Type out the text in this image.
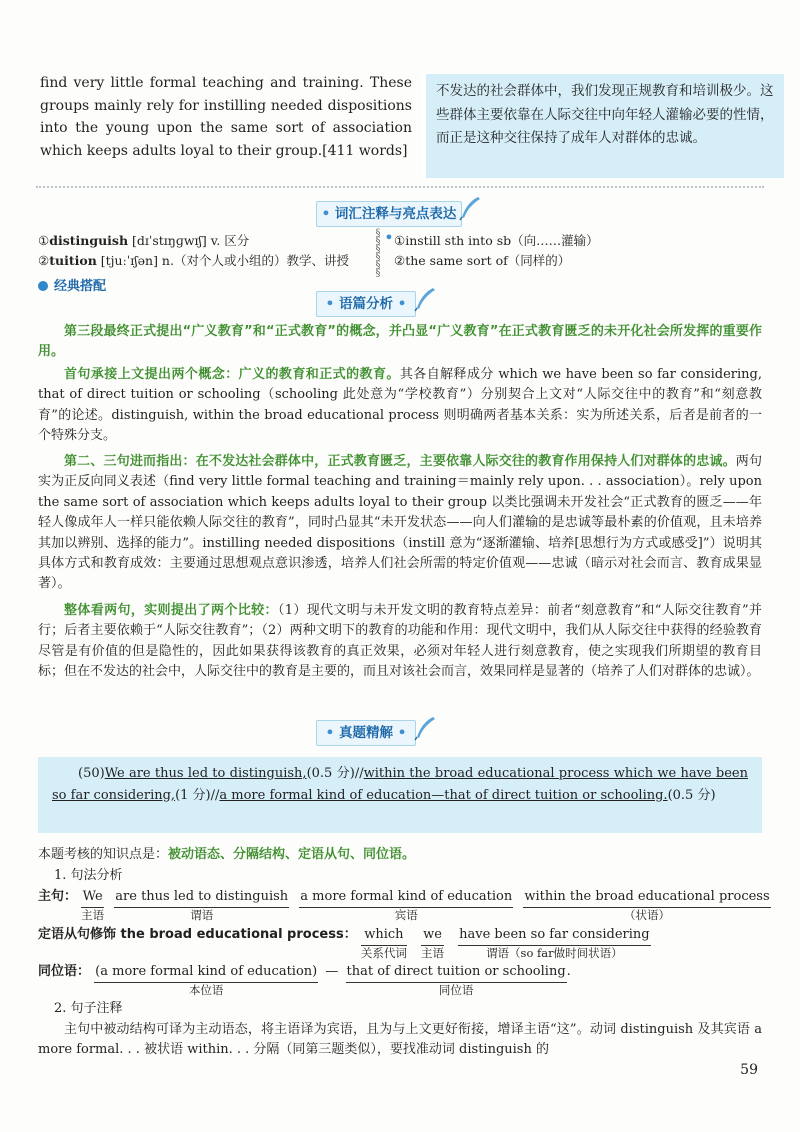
find very little formal teaching and training. These groups mainly rely for instilling needed dispositions into the young upon the same sort of association which keeps adults loyal to their group.[411 words]
不发达的社会群体中，我们发现正规教育和培训极少。这些群体主要依靠在人际交往中向年轻人灌输必要的性情，而正是这种交往保持了成年人对群体的忠诚。
• 词汇注释与亮点表达 •
①distinguish [dɪˈstɪŋɡwɪʃ] v. 区分
②tuition [tjuːˈɪʃən] n.（对个人或小组的）教学、讲授
§
§
§
§
§
§
①instill sth into sb（向……灌输）
②the same sort of（同样的）
经典搭配
• 语篇分析 •
第三段最终正式提出“广义教育”和“正式教育”的概念，并凸显“广义教育”在正式教育匮乏的未开化社会所发挥的重要作用。
首句承接上文提出两个概念：广义的教育和正式的教育。其各自解释成分 which we have been so far considering, that of direct tuition or schooling（schooling 此处意为“学校教育”）分别契合上文对“人际交往中的教育”和“刻意教育”的论述。distinguish, within the broad educational process 则明确两者基本关系：实为所述关系，后者是前者的一个特殊分支。
第二、三句进而指出：在不发达社会群体中，正式教育匮乏，主要依靠人际交往的教育作用保持人们对群体的忠诚。两句实为正反向同义表述（find very little formal teaching and training＝mainly rely upon. . . association）。rely upon the same sort of association which keeps adults loyal to their group 以类比强调未开发社会“正式教育的匮乏——年轻人像成年人一样只能依赖人际交往的教育”，同时凸显其“未开发状态——向人们灌输的是忠诚等最朴素的价值观，且未培养其加以辨别、选择的能力”。instilling needed dispositions（instill 意为“逐渐灌输、培养[思想行为方式或感受]”）说明其具体方式和教育成效：主要通过思想观点意识渗透，培养人们社会所需的特定价值观——忠诚（暗示对社会而言、教育成果显著）。
整体看两句，实则提出了两个比较：（1）现代文明与未开发文明的教育特点差异：前者“刻意教育”和“人际交往教育”并行；后者主要依赖于“人际交往教育”；（2）两种文明下的教育的功能和作用：现代文明中，我们从人际交往中获得的经验教育尽管是有价值的但是隐性的，因此如果获得该教育的真正效果，必须对年轻人进行刻意教育，使之实现我们所期望的教育目标；但在不发达的社会中，人际交往中的教育是主要的，而且对该社会而言，效果同样是显著的（培养了人们对群体的忠诚）。
• 真题精解 •
(50)We are thus led to distinguish,(0.5 分)//within the broad educational process which we have been so far considering,(1 分)//a more formal kind of education—that of direct tuition or schooling.(0.5 分)
本题考核的知识点是：被动语态、分隔结构、定语从句、同位语。
1. 句法分析
主句： We
主语

are thus led to distinguish
谓语

a more formal kind of education
宾语

within the broad educational process
（状语）
定语从句修饰 the broad educational process： which
关系代词

we
主语

have been so far considering
谓语（so far做时间状语）
同位语： (a more formal kind of education)
本位语
— that of direct tuition or schooling
同位语
.
2. 句子注释
主句中被动结构可译为主动语态，将主语译为宾语，且为与上文更好衔接，增译主语“这”。动词 distinguish 及其宾语 a more formal. . . 被状语 within. . . 分隔（同第三题类似），要找准动词 distinguish 的
59
